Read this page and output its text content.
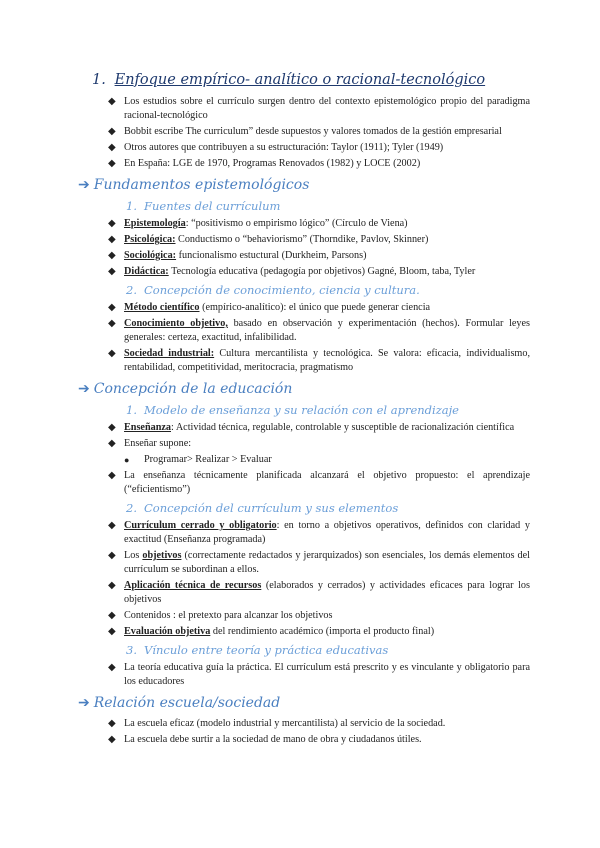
1. Enfoque empírico- analítico o racional-tecnológico
◆ Los estudios sobre el currículo surgen dentro del contexto epistemológico propio del paradigma racional-tecnológico
◆ Bobbit escribe The curriculum” desde supuestos y valores tomados de la gestión empresarial
◆ Otros autores que contribuyen a su estructuración: Taylor (1911); Tyler (1949)
◆ En España: LGE de 1970, Programas Renovados (1982) y LOCE (2002)
➔ Fundamentos epistemológicos
1. Fuentes del currículum
◆ Epistemología: “positivismo o empirismo lógico” (Círculo de Viena)
◆ Psicológica: Conductismo o “behaviorismo” (Thorndike, Pavlov, Skinner)
◆ Sociológica: funcionalismo estuctural (Durkheim, Parsons)
◆ Didáctica: Tecnología educativa (pedagogía por objetivos) Gagné, Bloom, taba, Tyler
2. Concepción de conocimiento, ciencia y cultura.
◆ Método científico (empírico-analítico): el único que puede generar ciencia
◆ Conocimiento objetivo, basado en observación y experimentación (hechos). Formular leyes generales: certeza, exactitud, infalibilidad.
◆ Sociedad industrial: Cultura mercantilista y tecnológica. Se valora: eficacia, individualismo, rentabilidad, competitividad, meritocracia, pragmatismo
➔ Concepción de la educación
1. Modelo de enseñanza y su relación con el aprendizaje
◆ Enseñanza: Actividad técnica, regulable, controlable y susceptible de racionalización científica
◆ Enseñar supone:
● Programar> Realizar > Evaluar
◆ La enseñanza técnicamente planificada alcanzará el objetivo propuesto: el aprendizaje (“eficientismo”)
2. Concepción del currículum y sus elementos
◆ Currículum cerrado y obligatorio: en torno a objetivos operativos, definidos con claridad y exactitud (Enseñanza programada)
◆ Los objetivos (correctamente redactados y jerarquizados) son esenciales, los demás elementos del currículum se subordinan a ellos.
◆ Aplicación técnica de recursos (elaborados y cerrados) y actividades eficaces para lograr los objetivos
◆ Contenidos : el pretexto para alcanzar los objetivos
◆ Evaluación objetiva del rendimiento académico (importa el producto final)
3. Vínculo entre teoría y práctica educativas
◆ La teoría educativa guía la práctica. El currículum está prescrito y es vinculante y obligatorio para los educadores
➔ Relación escuela/sociedad
◆ La escuela eficaz (modelo industrial y mercantilista) al servicio de la sociedad.
◆ La escuela debe surtir a la sociedad de mano de obra y ciudadanos útiles.
